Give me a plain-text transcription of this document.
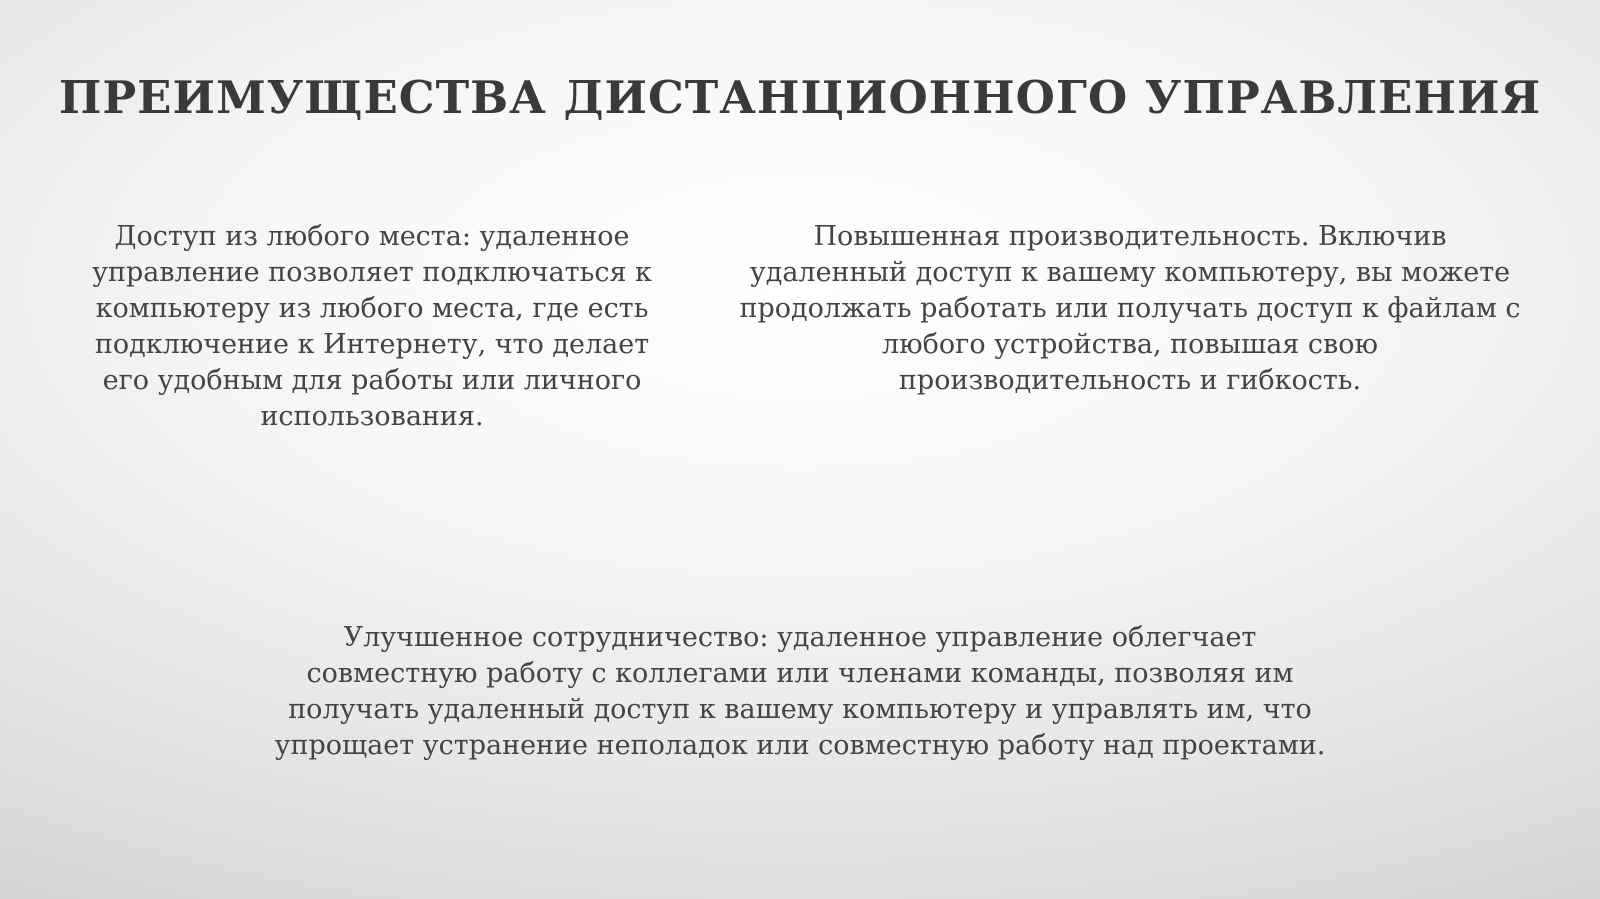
ПРЕИМУЩЕСТВА ДИСТАНЦИОННОГО УПРАВЛЕНИЯ
Доступ из любого места: удаленное
управление позволяет подключаться к
компьютеру из любого места, где есть
подключение к Интернету, что делает
его удобным для работы или личного
использования.
Повышенная производительность. Включив
удаленный доступ к вашему компьютеру, вы можете
продолжать работать или получать доступ к файлам с
любого устройства, повышая свою
производительность и гибкость.
Улучшенное сотрудничество: удаленное управление облегчает
совместную работу с коллегами или членами команды, позволяя им
получать удаленный доступ к вашему компьютеру и управлять им, что
упрощает устранение неполадок или совместную работу над проектами.
